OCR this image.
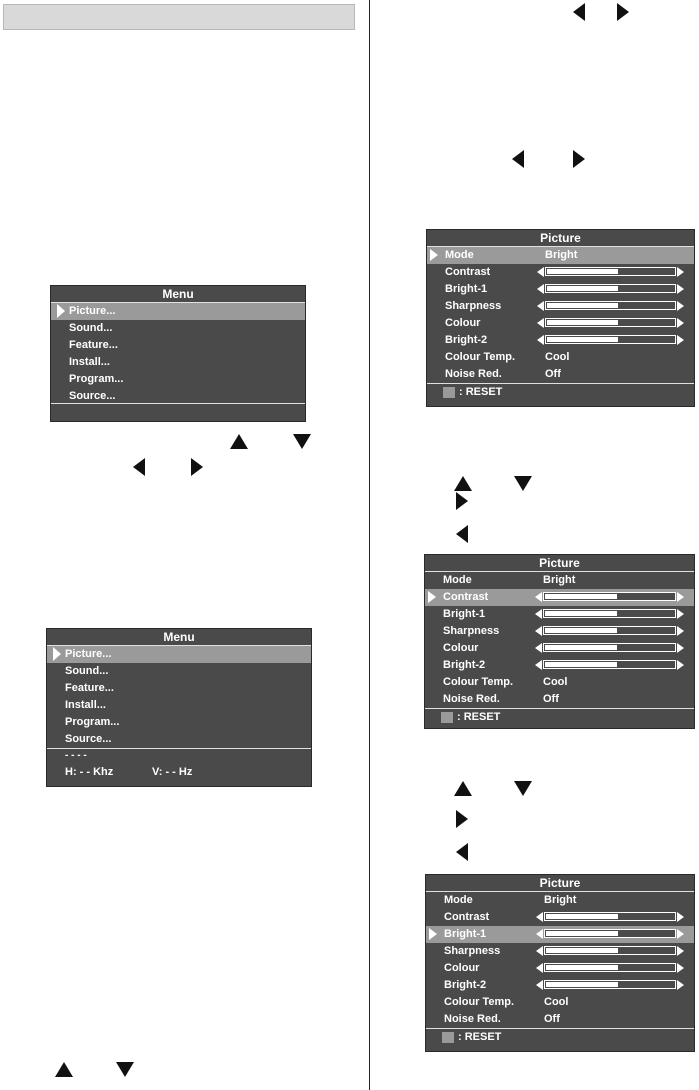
Menu
Picture...
Sound...
Feature...
Install...
Program...
Source...
Menu
Picture...
Sound...
Feature...
Install...
Program...
Source...
- - - -
H: - - Khz	V: - - Hz
Picture
Mode	Bright
Contrast
Bright-1
Sharpness
Colour
Bright-2
Colour Temp.	Cool
Noise Red.	Off
: RESET
Picture
Mode	Bright
Contrast
Bright-1
Sharpness
Colour
Bright-2
Colour Temp.	Cool
Noise Red.	Off
: RESET
Picture
Mode	Bright
Contrast
Bright-1
Sharpness
Colour
Bright-2
Colour Temp.	Cool
Noise Red.	Off
: RESET
